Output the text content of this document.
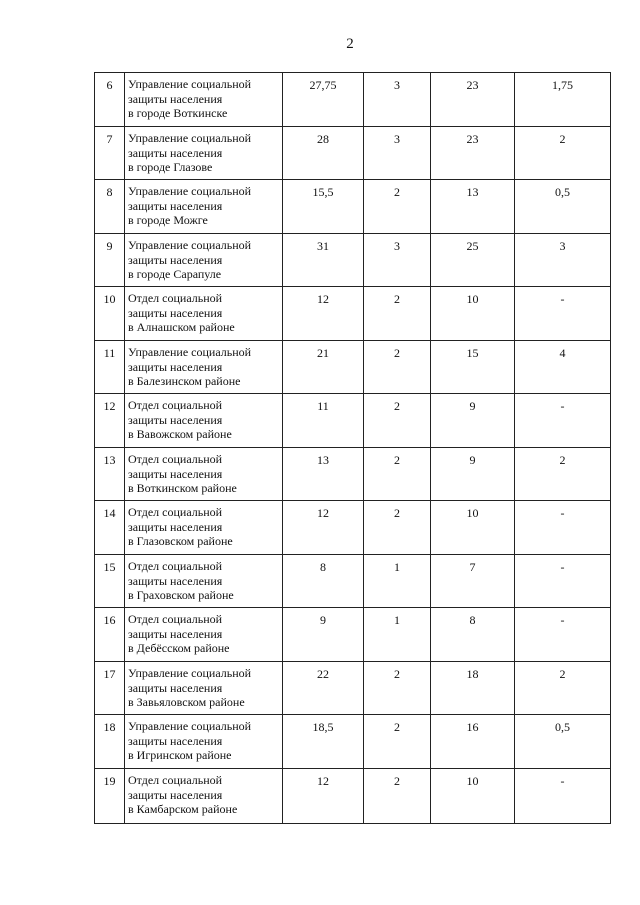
2
6	Управление социальной
защиты населения
в городе Воткинске	27,75	3	23	1,75
7	Управление социальной
защиты населения
в городе Глазове	28	3	23	2
8	Управление социальной
защиты населения
в городе Можге	15,5	2	13	0,5
9	Управление социальной
защиты населения
в городе Сарапуле	31	3	25	3
10	Отдел социальной
защиты населения
в Алнашском районе	12	2	10	-
11	Управление социальной
защиты населения
в Балезинском районе	21	2	15	4
12	Отдел социальной
защиты населения
в Вавожском районе	11	2	9	-
13	Отдел социальной
защиты населения
в Воткинском районе	13	2	9	2
14	Отдел социальной
защиты населения
в Глазовском районе	12	2	10	-
15	Отдел социальной
защиты населения
в Граховском районе	8	1	7	-
16	Отдел социальной
защиты населения
в Дебёсском районе	9	1	8	-
17	Управление социальной
защиты населения
в Завьяловском районе	22	2	18	2
18	Управление социальной
защиты населения
в Игринском районе	18,5	2	16	0,5
19	Отдел социальной
защиты населения
в Камбарском районе	12	2	10	-
